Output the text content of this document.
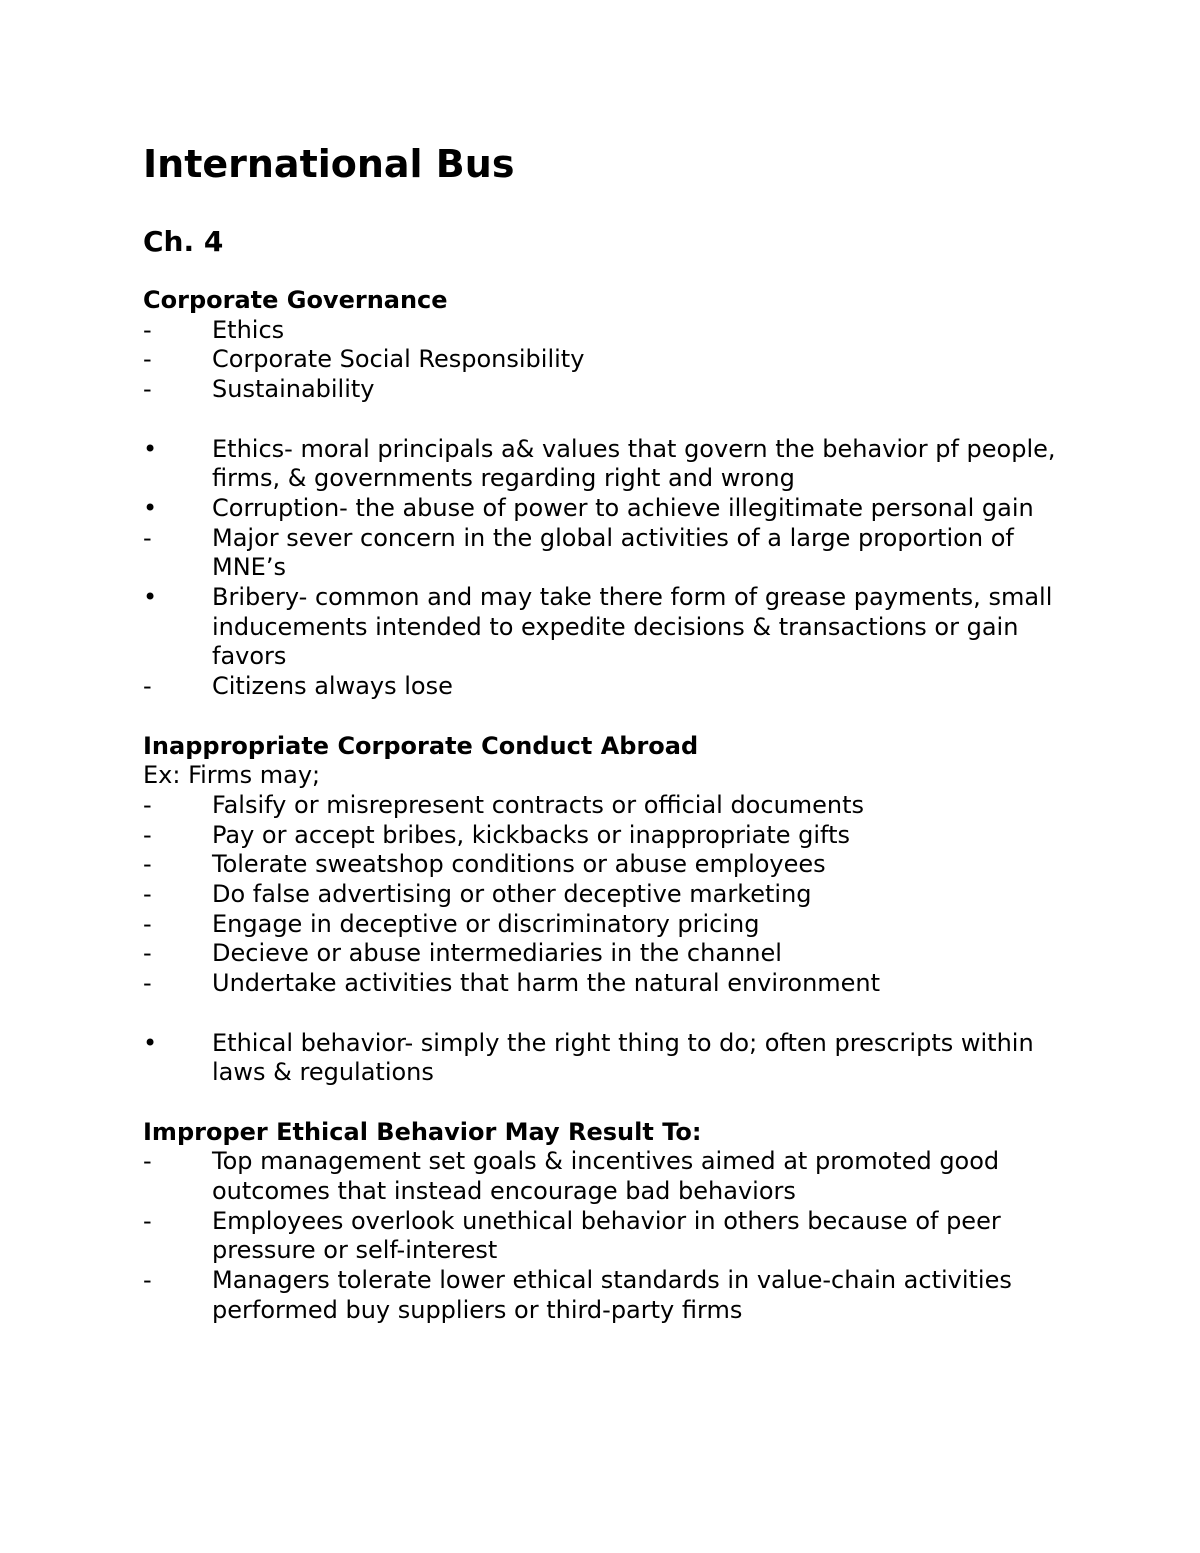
International Bus
Ch. 4
Corporate Governance
-	Ethics
-	Corporate Social Responsibility
-	Sustainability
• Ethics- moral principals a& values that govern the behavior pf people, firms, & governments regarding right and wrong
• Corruption- the abuse of power to achieve illegitimate personal gain
-	Major sever concern in the global activities of a large proportion of MNE’s
• Bribery- common and may take there form of grease payments, small inducements intended to expedite decisions & transactions or gain favors
-	Citizens always lose
Inappropriate Corporate Conduct Abroad
Ex: Firms may;
-	Falsify or misrepresent contracts or official documents
-	Pay or accept bribes, kickbacks or inappropriate gifts
-	Tolerate sweatshop conditions or abuse employees
-	Do false advertising or other deceptive marketing
-	Engage in deceptive or discriminatory pricing
-	Decieve or abuse intermediaries in the channel
-	Undertake activities that harm the natural environment
• Ethical behavior- simply the right thing to do; often prescripts within laws & regulations
Improper Ethical Behavior May Result To:
-	Top management set goals & incentives aimed at promoted good outcomes that instead encourage bad behaviors
-	Employees overlook unethical behavior in others because of peer pressure or self-interest
-	Managers tolerate lower ethical standards in value-chain activities performed buy suppliers or third-party firms
